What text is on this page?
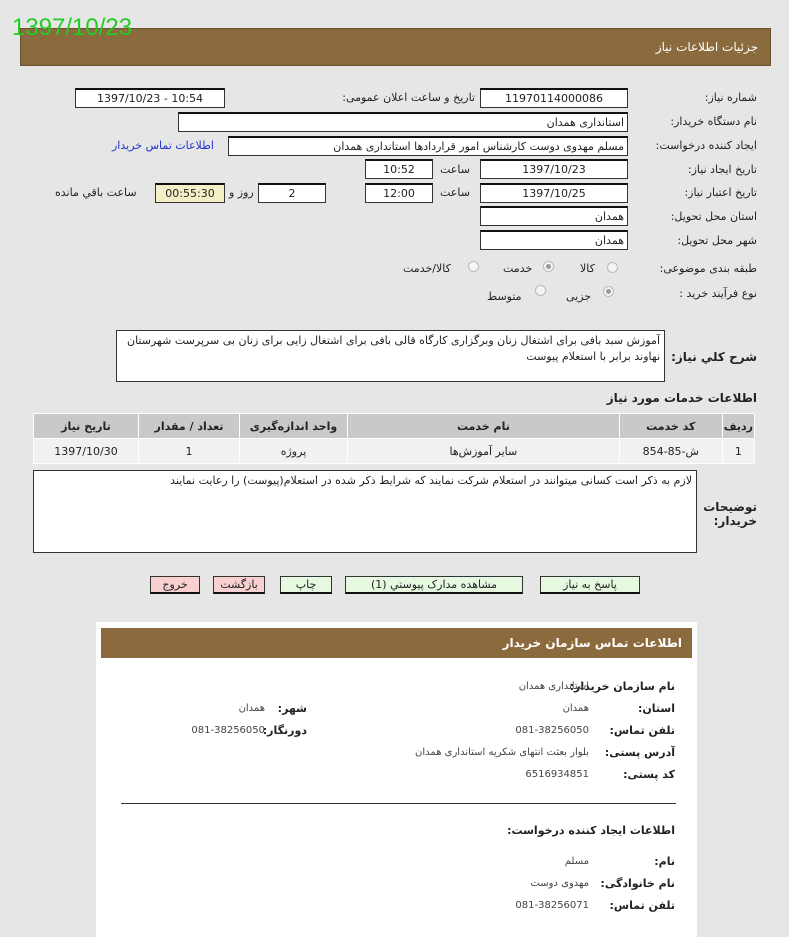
1397/10/23
جزئیات اطلاعات نیاز
شماره نیاز:
1197011400008‌6
تاریخ و ساعت اعلان عمومی:
1397/10/23 - 10:54
نام دستگاه خریدار:
استانداری همدان
ایجاد کننده درخواست:
مسلم مهدوی دوست کارشناس امور قراردادها استانداری همدان
اطلاعات تماس خریدار
تاریخ ایجاد نیاز:
1397/10/23
ساعت
10:52
تاریخ اعتبار نیاز:
1397/10/25
ساعت
12:00
2
روز و
00:55:30
ساعت باقي مانده
استان محل تحویل:
همدان
شهر محل تحویل:
همدان
طبقه بندی موضوعی:
كالا
خدمت
كالا/خدمت
نوع فرآیند خرید :
جزیی
متوسط
شرح کلي نیاز:
آموزش سبد بافی برای اشتغال زنان وبرگزاری کارگاه قالی بافی برای اشتغال زایی برای زنان بی سرپرست شهرستان نهاوند برابر با استعلام پیوست
اطلاعات خدمات مورد نیاز
ردیف	کد خدمت	نام خدمت	واحد اندازه‌گیری	تعداد / مقدار	تاریخ نیاز
1	ش-85-854	سایر آموزش‌ها	پروژه	1	1397/10/30
توضیحات خریدار:
لازم به ذکر است کسانی میتوانند در استعلام شرکت نمایند که شرایط ذکر شده در استعلام(پیوست) را رعایت نمایند
پاسخ به نیاز
مشاهده مدارک پیوستي (1)
چاپ
بازگشت
خروج
اطلاعات تماس سازمان خریدار
نام سازمان خریدار:
استانداری همدان
استان:
همدان
شهر:
همدان
تلفن تماس:
081-38256050
دورنگار:
081-38256050
آدرس پستی:
بلوار بعثت انتهای شکریه استانداری همدان
کد پستی:
6516934851
اطلاعات ایجاد کننده درخواست:
نام:
مسلم
نام خانوادگی:
مهدوی دوست
تلفن تماس:
081-38256071
